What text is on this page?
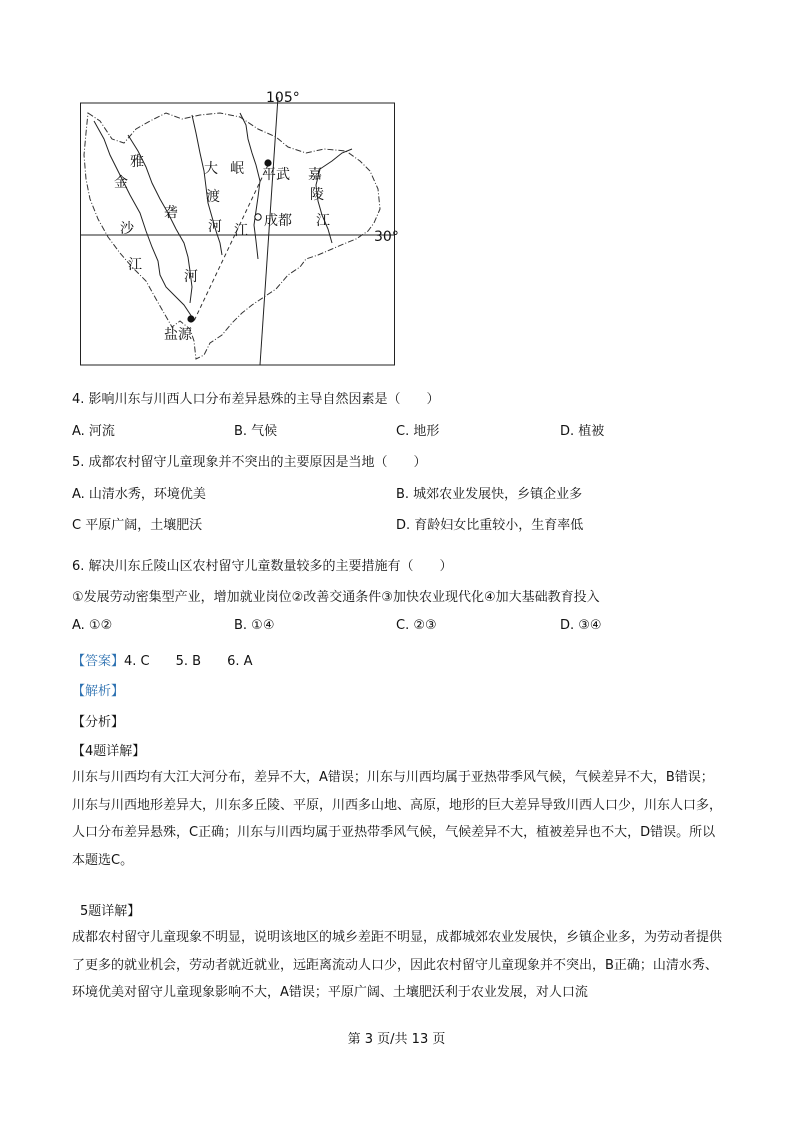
105°
30°
雅
金
沙
江
砻
河
大
渡
河
岷
江
嘉
陵
江
平武
成都
盐源
4. 影响川东与川西人口分布差异悬殊的主导自然因素是（　　）
A. 河流	B. 气候	C. 地形	D. 植被
5. 成都农村留守儿童现象并不突出的主要原因是当地（　　）
A. 山清水秀，环境优美	B. 城郊农业发展快，乡镇企业多
C 平原广阔，土壤肥沃	D. 育龄妇女比重较小，生育率低
6. 解决川东丘陵山区农村留守儿童数量较多的主要措施有（　　）
①发展劳动密集型产业，增加就业岗位②改善交通条件③加快农业现代化④加大基础教育投入
A. ①②	B. ①④	C. ②③	D. ③④
【答案】4. C　　5. B　　6. A
【解析】
【分析】
【4题详解】
川东与川西均有大江大河分布，差异不大，A错误；川东与川西均属于亚热带季风气候，气候差异不大，B错误；川东与川西地形差异大，川东多丘陵、平原，川西多山地、高原，地形的巨大差异导致川西人口少，川东人口多，人口分布差异悬殊，C正确；川东与川西均属于亚热带季风气候，气候差异不大，植被差异也不大，D错误。所以本题选C。
5题详解】
成都农村留守儿童现象不明显，说明该地区的城乡差距不明显，成都城郊农业发展快，乡镇企业多，为劳动者提供了更多的就业机会，劳动者就近就业，远距离流动人口少，因此农村留守儿童现象并不突出，B正确；山清水秀、环境优美对留守儿童现象影响不大，A错误；平原广阔、土壤肥沃利于农业发展，对人口流
第 3 页/共 13 页
